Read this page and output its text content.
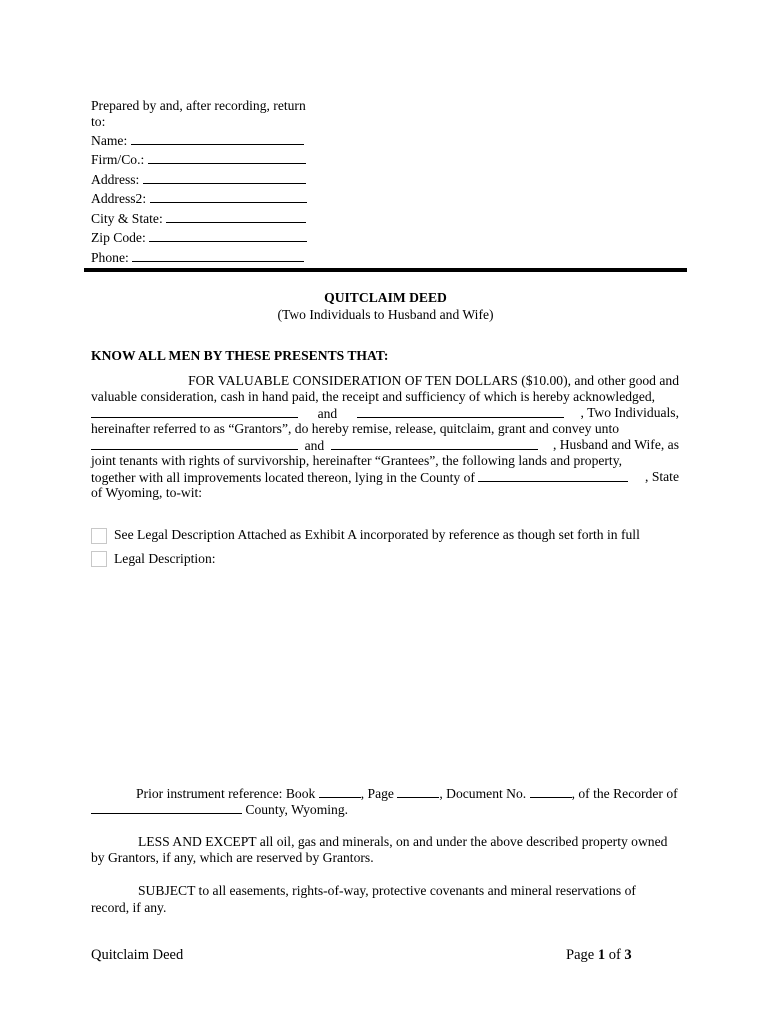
Prepared by and, after recording, return
to:
Name:
Firm/Co.:
Address:
Address2:
City & State:
Zip Code:
Phone:
QUITCLAIM DEED
(Two Individuals to Husband and Wife)
KNOW ALL MEN BY THESE PRESENTS THAT:
FOR VALUABLE CONSIDERATION OF TEN DOLLARS ($10.00), and other good and
valuable consideration, cash in hand paid, the receipt and sufficiency of which is hereby acknowledged,
and	, Two Individuals,
hereinafter referred to as “Grantors”, do hereby remise, release, quitclaim, grant and convey unto
and	, Husband and Wife, as
joint tenants with rights of survivorship, hereinafter “Grantees”, the following lands and property,
together with all improvements located thereon, lying in the County of	, State
of Wyoming, to-wit:
See Legal Description Attached as Exhibit A incorporated by reference as though set forth in full
Legal Description:
Prior instrument reference: Book	, Page	, Document No.	, of the Recorder of
County, Wyoming.
LESS AND EXCEPT all oil, gas and minerals, on and under the above described property owned
by Grantors, if any, which are reserved by Grantors.
SUBJECT to all easements, rights-of-way, protective covenants and mineral reservations of
record, if any.
Quitclaim Deed	Page 1 of 3
